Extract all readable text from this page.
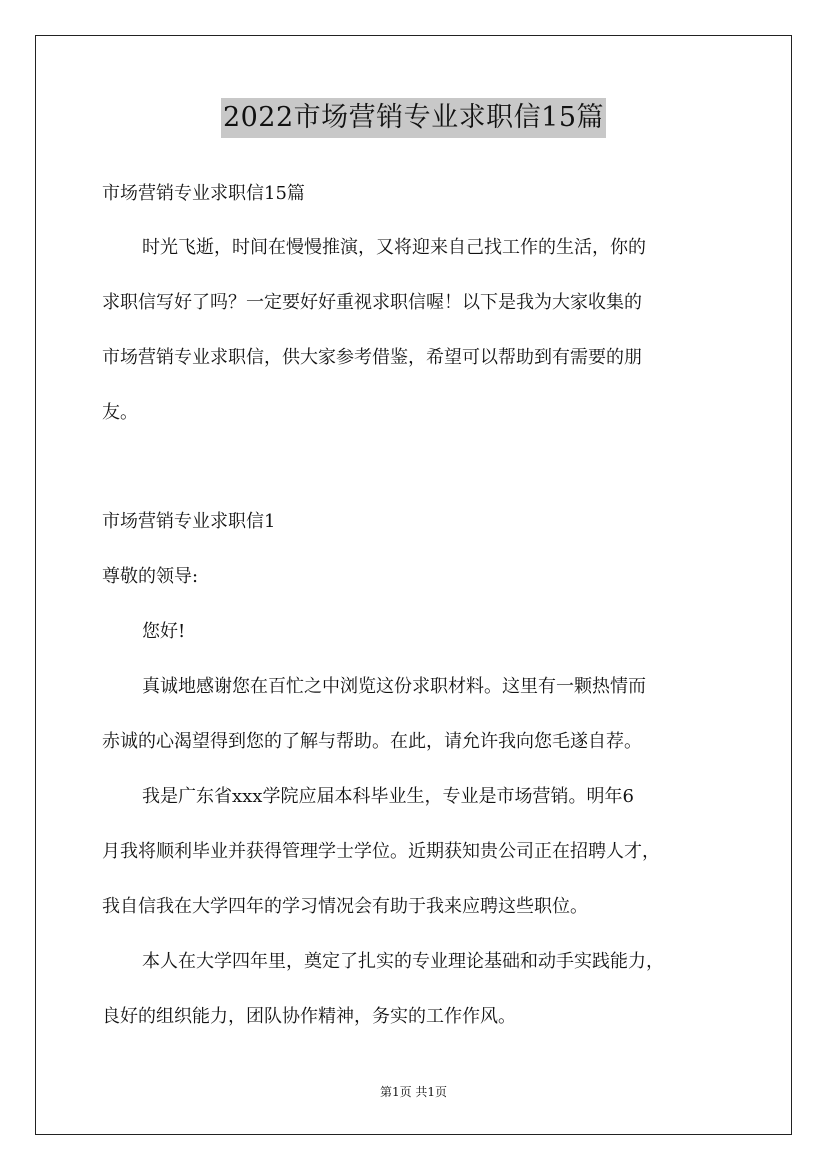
2022市场营销专业求职信15篇
市场营销专业求职信15篇
时光飞逝，时间在慢慢推演，又将迎来自己找工作的生活，你的
求职信写好了吗？一定要好好重视求职信喔！以下是我为大家收集的
市场营销专业求职信，供大家参考借鉴，希望可以帮助到有需要的朋
友。
市场营销专业求职信1
尊敬的领导:
您好!
真诚地感谢您在百忙之中浏览这份求职材料。这里有一颗热情而
赤诚的心渴望得到您的了解与帮助。在此，请允许我向您毛遂自荐。
我是广东省xxx学院应届本科毕业生，专业是市场营销。明年6
月我将顺利毕业并获得管理学士学位。近期获知贵公司正在招聘人才，
我自信我在大学四年的学习情况会有助于我来应聘这些职位。
本人在大学四年里，奠定了扎实的专业理论基础和动手实践能力，
良好的组织能力，团队协作精神，务实的工作作风。
第1页 共1页
